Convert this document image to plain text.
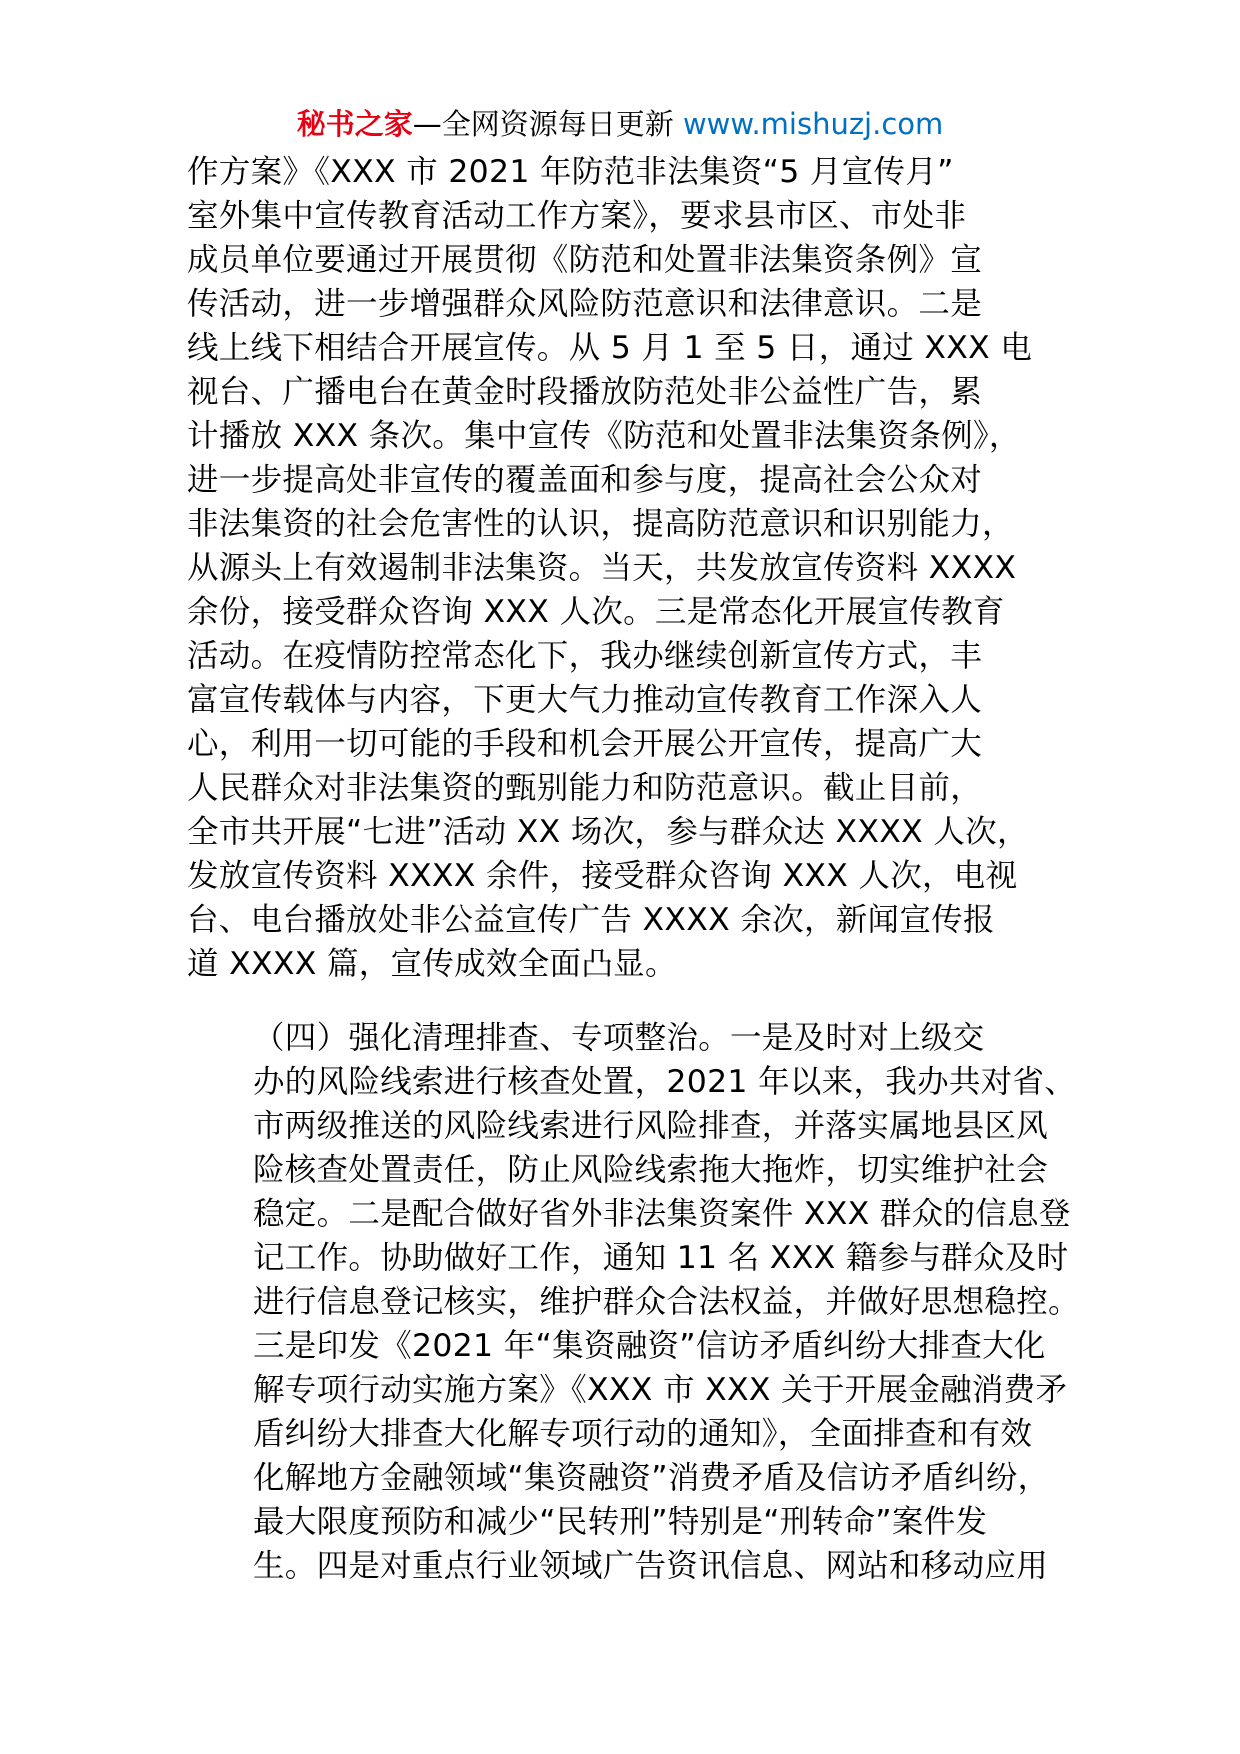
秘书之家—全网资源每日更新 www.mishuzj.com

作方案》《XXX 市 2021 年防范非法集资“5 月宣传月”
室外集中宣传教育活动工作方案》，要求县市区、市处非
成员单位要通过开展贯彻《防范和处置非法集资条例》宣
传活动，进一步增强群众风险防范意识和法律意识。二是
线上线下相结合开展宣传。从 5 月 1 至 5 日，通过 XXX 电
视台、广播电台在黄金时段播放防范处非公益性广告，累
计播放 XXX 条次。集中宣传《防范和处置非法集资条例》，
进一步提高处非宣传的覆盖面和参与度，提高社会公众对
非法集资的社会危害性的认识，提高防范意识和识别能力，
从源头上有效遏制非法集资。当天，共发放宣传资料 XXXX
余份，接受群众咨询 XXX 人次。三是常态化开展宣传教育
活动。在疫情防控常态化下，我办继续创新宣传方式，丰
富宣传载体与内容，下更大气力推动宣传教育工作深入人
心，利用一切可能的手段和机会开展公开宣传，提高广大
人民群众对非法集资的甄别能力和防范意识。截止目前，
全市共开展“七进”活动 XX 场次，参与群众达 XXXX 人次，
发放宣传资料 XXXX 余件，接受群众咨询 XXX 人次，电视
台、电台播放处非公益宣传广告 XXXX 余次，新闻宣传报
道 XXXX 篇，宣传成效全面凸显。

（四）强化清理排查、专项整治。一是及时对上级交
办的风险线索进行核查处置，2021 年以来，我办共对省、
市两级推送的风险线索进行风险排查，并落实属地县区风
险核查处置责任，防止风险线索拖大拖炸，切实维护社会
稳定。二是配合做好省外非法集资案件 XXX 群众的信息登
记工作。协助做好工作，通知 11 名 XXX 籍参与群众及时
进行信息登记核实，维护群众合法权益，并做好思想稳控。
三是印发《2021 年“集资融资”信访矛盾纠纷大排查大化
解专项行动实施方案》《XXX 市 XXX 关于开展金融消费矛
盾纠纷大排查大化解专项行动的通知》，全面排查和有效
化解地方金融领域“集资融资”消费矛盾及信访矛盾纠纷，
最大限度预防和减少“民转刑”特别是“刑转命”案件发
生。四是对重点行业领域广告资讯信息、网站和移动应用
